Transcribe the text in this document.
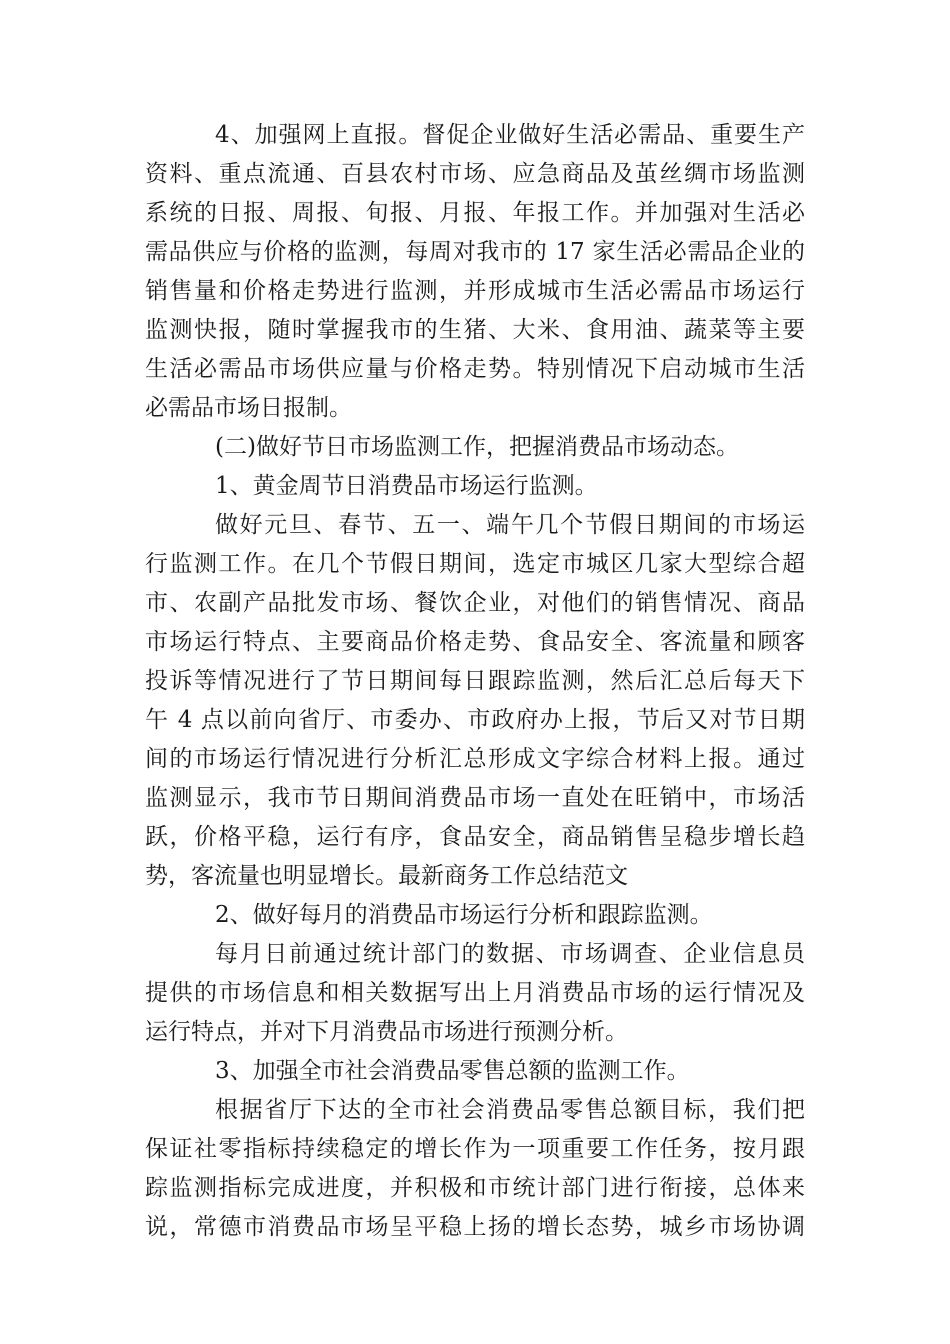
4、加强网上直报。督促企业做好生活必需品、重要生产
资料、重点流通、百县农村市场、应急商品及茧丝绸市场监测
系统的日报、周报、旬报、月报、年报工作。并加强对生活必
需品供应与价格的监测，每周对我市的 17 家生活必需品企业的
销售量和价格走势进行监测，并形成城市生活必需品市场运行
监测快报，随时掌握我市的生猪、大米、食用油、蔬菜等主要
生活必需品市场供应量与价格走势。特别情况下启动城市生活
必需品市场日报制。
(二)做好节日市场监测工作，把握消费品市场动态。
1、黄金周节日消费品市场运行监测。
做好元旦、春节、五一、端午几个节假日期间的市场运
行监测工作。在几个节假日期间，选定市城区几家大型综合超
市、农副产品批发市场、餐饮企业，对他们的销售情况、商品
市场运行特点、主要商品价格走势、食品安全、客流量和顾客
投诉等情况进行了节日期间每日跟踪监测，然后汇总后每天下
午 4 点以前向省厅、市委办、市政府办上报，节后又对节日期
间的市场运行情况进行分析汇总形成文字综合材料上报。通过
监测显示，我市节日期间消费品市场一直处在旺销中，市场活
跃，价格平稳，运行有序，食品安全，商品销售呈稳步增长趋
势，客流量也明显增长。最新商务工作总结范文
2、做好每月的消费品市场运行分析和跟踪监测。
每月日前通过统计部门的数据、市场调查、企业信息员
提供的市场信息和相关数据写出上月消费品市场的运行情况及
运行特点，并对下月消费品市场进行预测分析。
3、加强全市社会消费品零售总额的监测工作。
根据省厅下达的全市社会消费品零售总额目标，我们把
保证社零指标持续稳定的增长作为一项重要工作任务，按月跟
踪监测指标完成进度，并积极和市统计部门进行衔接，总体来
说，常德市消费品市场呈平稳上扬的增长态势，城乡市场协调
